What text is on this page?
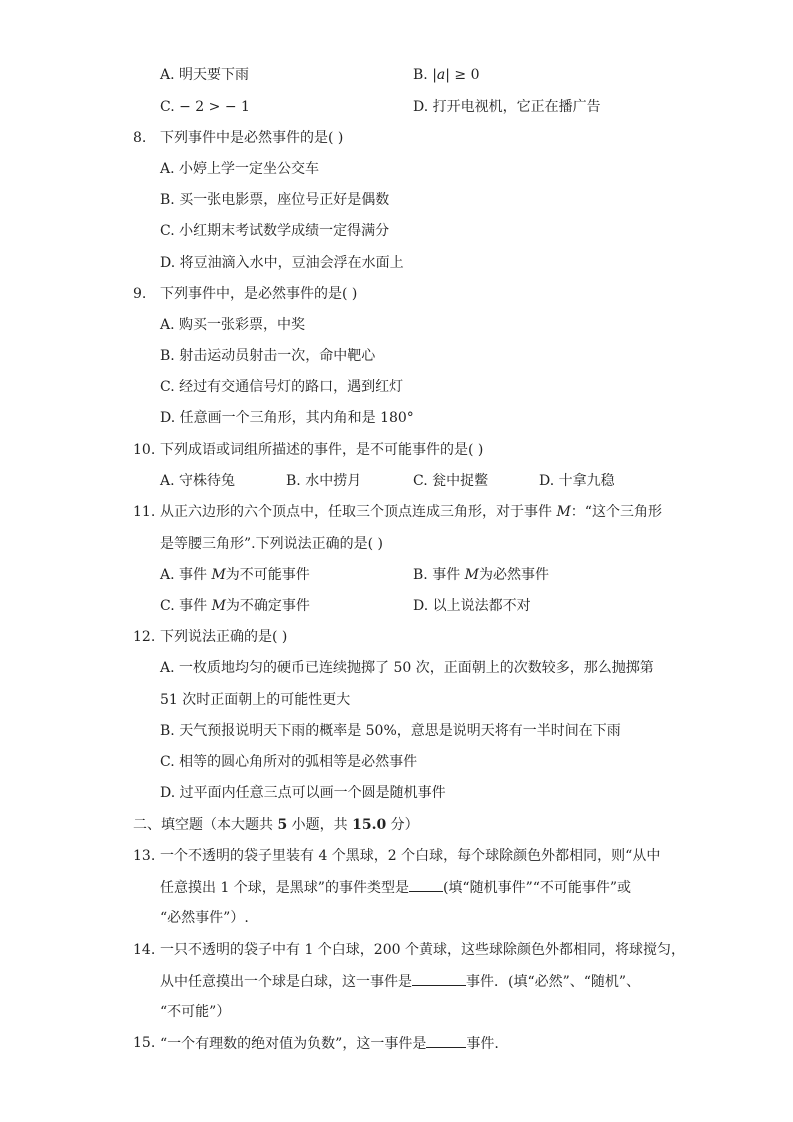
A. 明天要下雨	B. |𝑎| ≥ 0
C. − 2 > − 1	D. 打开电视机，它正在播广告
8. 下列事件中是必然事件的是( )
A. 小婷上学一定坐公交车
B. 买一张电影票，座位号正好是偶数
C. 小红期末考试数学成绩一定得满分
D. 将豆油滴入水中，豆油会浮在水面上
9. 下列事件中，是必然事件的是( )
A. 购买一张彩票，中奖
B. 射击运动员射击一次，命中靶心
C. 经过有交通信号灯的路口，遇到红灯
D. 任意画一个三角形，其内角和是 180°
10. 下列成语或词组所描述的事件，是不可能事件的是( )
A. 守株待兔	B. 水中捞月	C. 瓮中捉鳖	D. 十拿九稳
11. 从正六边形的六个顶点中，任取三个顶点连成三角形，对于事件 𝑀：“这个三角形
是等腰三角形”.下列说法正确的是( )
A. 事件 𝑀为不可能事件	B. 事件 𝑀为必然事件
C. 事件 𝑀为不确定事件	D. 以上说法都不对
12. 下列说法正确的是( )
A. 一枚质地均匀的硬币已连续抛掷了 50 次，正面朝上的次数较多，那么抛掷第
51 次时正面朝上的可能性更大
B. 天气预报说明天下雨的概率是 50%，意思是说明天将有一半时间在下雨
C. 相等的圆心角所对的弧相等是必然事件
D. 过平面内任意三点可以画一个圆是随机事件
二、填空题（本大题共 5 小题，共 15.0 分）
13. 一个不透明的袋子里装有 4 个黑球，2 个白球，每个球除颜色外都相同，则“从中
任意摸出 1 个球，是黑球”的事件类型是 (填“随机事件”“不可能事件”或
“必然事件”）.
14. 一只不透明的袋子中有 1 个白球，200 个黄球，这些球除颜色外都相同，将球搅匀，
从中任意摸出一个球是白球，这一事件是	事件．(填“必然”、“随机”、
“不可能”）
15. “一个有理数的绝对值为负数”，这一事件是	事件.
